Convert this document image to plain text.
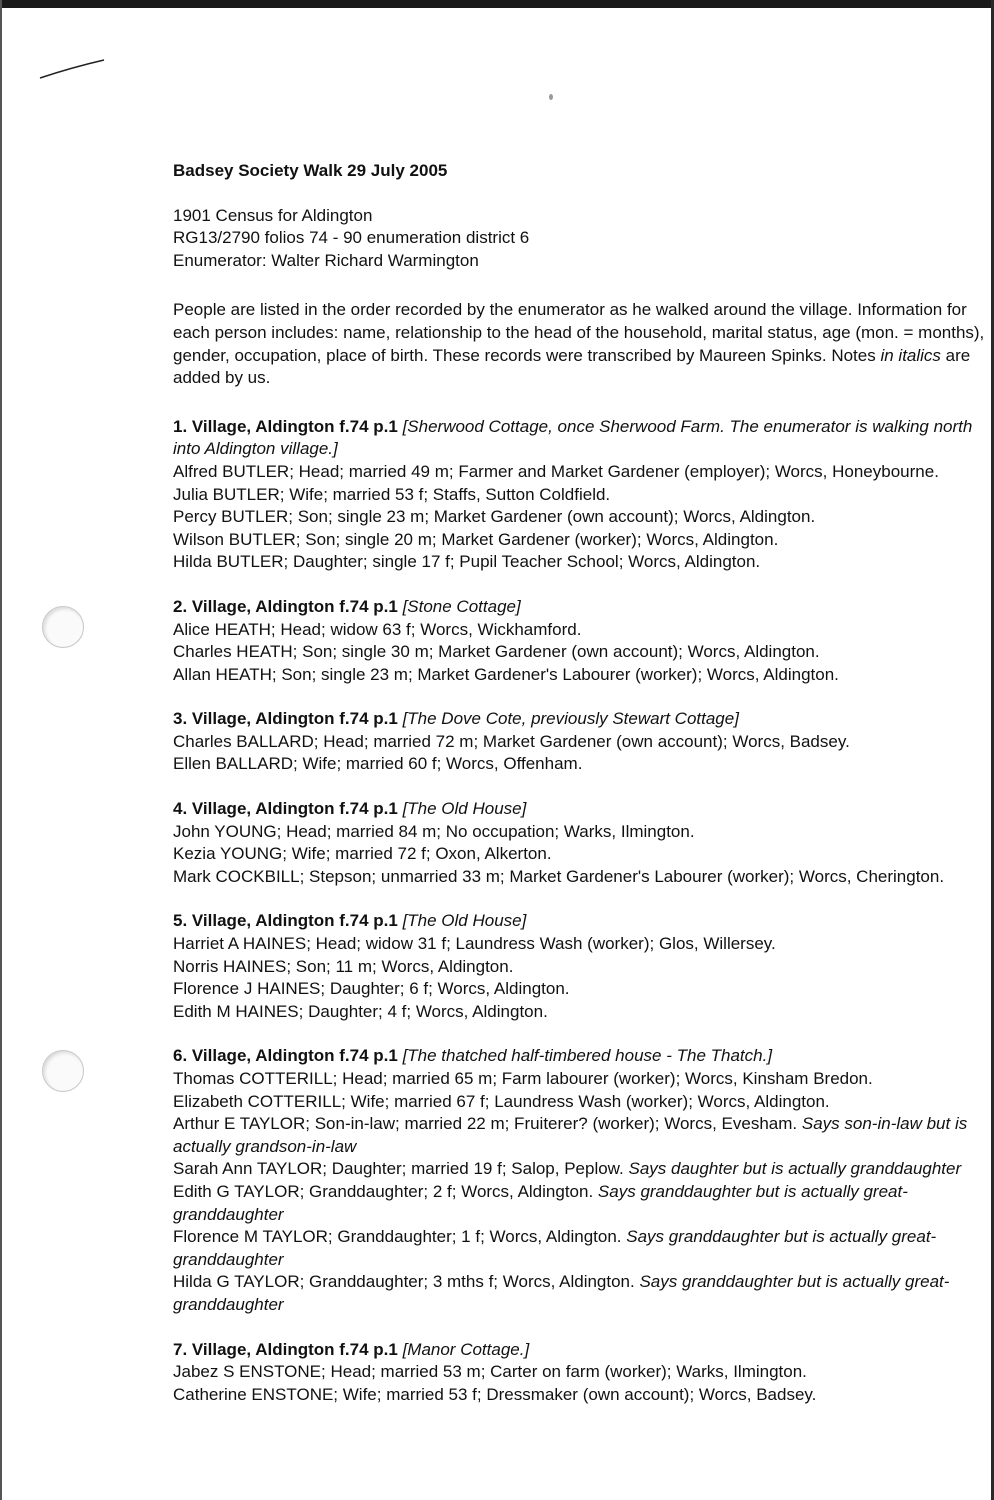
Badsey Society Walk 29 July 2005
1901 Census for Aldington
RG13/2790 folios 74 - 90 enumeration district 6
Enumerator: Walter Richard Warmington
People are listed in the order recorded by the enumerator as he walked around the village. Information for each person includes: name, relationship to the head of the household, marital status, age (mon. = months), gender, occupation, place of birth. These records were transcribed by Maureen Spinks. Notes in italics are added by us.
1. Village, Aldington f.74 p.1 [Sherwood Cottage, once Sherwood Farm. The enumerator is walking north into Aldington village.]
Alfred BUTLER; Head; married 49 m; Farmer and Market Gardener (employer); Worcs, Honeybourne.
Julia BUTLER; Wife; married 53 f; Staffs, Sutton Coldfield.
Percy BUTLER; Son; single 23 m; Market Gardener (own account); Worcs, Aldington.
Wilson BUTLER; Son; single 20 m; Market Gardener (worker); Worcs, Aldington.
Hilda BUTLER; Daughter; single 17 f; Pupil Teacher School; Worcs, Aldington.
2. Village, Aldington f.74 p.1 [Stone Cottage]
Alice HEATH; Head; widow 63 f; Worcs, Wickhamford.
Charles HEATH; Son; single 30 m; Market Gardener (own account); Worcs, Aldington.
Allan HEATH; Son; single 23 m; Market Gardener's Labourer (worker); Worcs, Aldington.
3. Village, Aldington f.74 p.1 [The Dove Cote, previously Stewart Cottage]
Charles BALLARD; Head; married 72 m; Market Gardener (own account); Worcs, Badsey.
Ellen BALLARD; Wife; married 60 f; Worcs, Offenham.
4. Village, Aldington f.74 p.1 [The Old House]
John YOUNG; Head; married 84 m; No occupation; Warks, Ilmington.
Kezia YOUNG; Wife; married 72 f; Oxon, Alkerton.
Mark COCKBILL; Stepson; unmarried 33 m; Market Gardener's Labourer (worker); Worcs, Cherington.
5. Village, Aldington f.74 p.1 [The Old House]
Harriet A HAINES; Head; widow 31 f; Laundress Wash (worker); Glos, Willersey.
Norris HAINES; Son; 11 m; Worcs, Aldington.
Florence J HAINES; Daughter; 6 f; Worcs, Aldington.
Edith M HAINES; Daughter; 4 f; Worcs, Aldington.
6. Village, Aldington f.74 p.1 [The thatched half-timbered house - The Thatch.]
Thomas COTTERILL; Head; married 65 m; Farm labourer (worker); Worcs, Kinsham Bredon.
Elizabeth COTTERILL; Wife; married 67 f; Laundress Wash (worker); Worcs, Aldington.
Arthur E TAYLOR; Son-in-law; married 22 m; Fruiterer? (worker); Worcs, Evesham. Says son-in-law but is actually grandson-in-law
Sarah Ann TAYLOR; Daughter; married 19 f; Salop, Peplow. Says daughter but is actually granddaughter
Edith G TAYLOR; Granddaughter; 2 f; Worcs, Aldington. Says granddaughter but is actually great-granddaughter
Florence M TAYLOR; Granddaughter; 1 f; Worcs, Aldington. Says granddaughter but is actually great-granddaughter
Hilda G TAYLOR; Granddaughter; 3 mths f; Worcs, Aldington. Says granddaughter but is actually great-granddaughter
7. Village, Aldington f.74 p.1 [Manor Cottage.]
Jabez S ENSTONE; Head; married 53 m; Carter on farm (worker); Warks, Ilmington.
Catherine ENSTONE; Wife; married 53 f; Dressmaker (own account); Worcs, Badsey.
